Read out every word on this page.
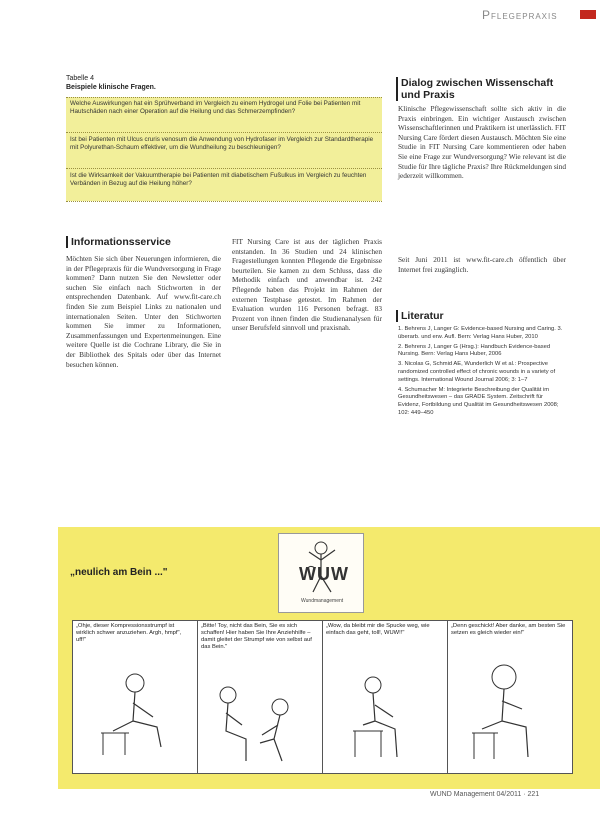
Pflegepraxis
Tabelle 4
Beispiele klinische Fragen.
Welche Auswirkungen hat ein Sprühverband im Vergleich zu einem Hydrogel und Folie bei Patienten mit Hautschäden nach einer Operation auf die Heilung und das Schmerzempfinden?
Ist bei Patienten mit Ulcus cruris venosum die Anwendung von Hydrofaser im Vergleich zur Standardtherapie mit Polyurethan-Schaum effektiver, um die Wundheilung zu beschleunigen?
Ist die Wirksamkeit der Vakuumtherapie bei Patienten mit diabetischem Fußulkus im Vergleich zu feuchten Verbänden in Bezug auf die Heilung höher?
Dialog zwischen Wissenschaft und Praxis
Klinische Pflegewissenschaft sollte sich aktiv in die Praxis einbringen. Ein wichtiger Austausch zwischen Wissenschaftlerinnen und Praktikern ist unerlässlich. FIT Nursing Care fördert diesen Austausch. Möchten Sie eine Studie in FIT Nursing Care kommentieren oder haben Sie eine Frage zur Wundversorgung? Wie relevant ist die Studie für Ihre tägliche Praxis? Ihre Rückmeldungen sind jederzeit willkommen.
Seit Juni 2011 ist www.fit-care.ch öffentlich über Internet frei zugänglich.
Informationsservice
Möchten Sie sich über Neuerungen informieren, die in der Pflegepraxis für die Wundversorgung in Frage kommen? Dann nutzen Sie den Newsletter oder suchen Sie einfach nach Stichworten in der entsprechenden Datenbank. Auf www.fit-care.ch finden Sie zum Beispiel Links zu nationalen und internationalen Seiten. Unter den Stichworten kommen Sie immer zu Informationen, Zusammenfassungen und Expertenmeinungen. Eine weitere Quelle ist die Cochrane Library, die Sie in der Bibliothek des Spitals oder über das Internet besuchen können.
FIT Nursing Care ist aus der täglichen Praxis entstanden. In 36 Studien und 24 klinischen Fragestellungen konnten Pflegende die Ergebnisse beurteilen. Sie kamen zu dem Schluss, dass die Methodik einfach und anwendbar ist. 242 Pflegende haben das Projekt im Rahmen der externen Testphase getestet. Im Rahmen der Evaluation wurden 116 Personen befragt. 83 Prozent von ihnen finden die Studienanalysen für unser Berufsfeld sinnvoll und praxisnah.
Literatur
1. Behrens J, Langer G: Evidence-based Nursing and Caring. 3. überarb. und erw. Aufl. Bern: Verlag Hans Huber, 2010
2. Behrens J, Langer G (Hrsg.): Handbuch Evidence-based Nursing. Bern: Verlag Hans Huber, 2006
3. Nicolas G, Schmid AE, Wunderlich W et al.: Prospective randomized controlled effect of chronic wounds in a variety of settings. International Wound Journal 2006; 3: 1–7
4. Schumacher M: Integrierte Beschreibung der Qualität im Gesundheitswesen – das GRADE System. Zeitschrift für Evidenz, Fortbildung und Qualität im Gesundheitswesen 2008; 102: 449–450
WUW
Wundmanagement
„neulich am Bein ..."
„Ohje, dieser Kompressionsstrumpf ist wirklich schwer anzuziehen. Argh, hmpf", uff!"
„Bitte! Toy, nicht das Bein, Sie es sich schaffen! Hier haben Sie Ihre Anziehhilfe – damit gleitet der Strumpf wie von selbst auf das Bein."
„Wow, da bleibt mir die Spucke weg, wie einfach das geht, toll!, WUW!!"
„Denn geschickt! Aber danke, am besten Sie setzen es gleich wieder ein!"
WUND Management 04/2011 · 221
